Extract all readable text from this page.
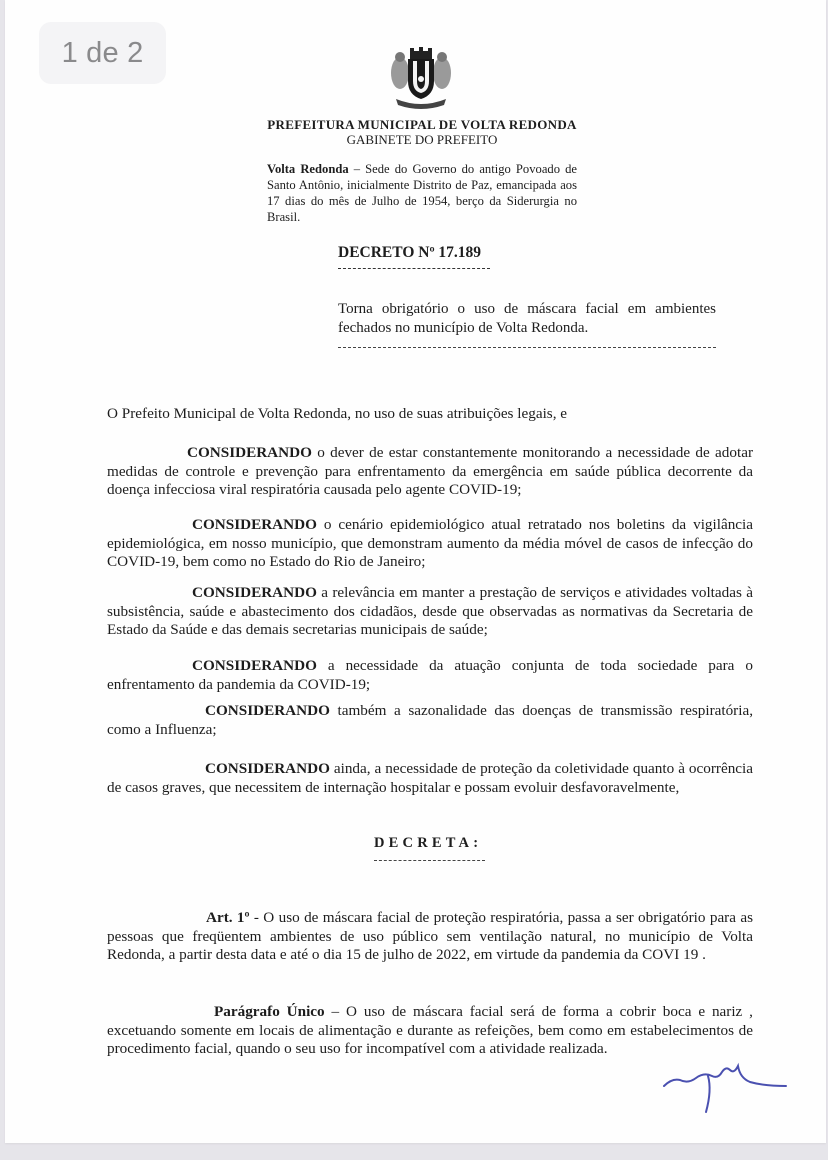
1 de 2
PREFEITURA MUNICIPAL DE VOLTA REDONDA
GABINETE DO PREFEITO
Volta Redonda – Sede do Governo do antigo Povoado de Santo Antônio, inicialmente Distrito de Paz, emancipada aos 17 dias do mês de Julho de 1954, berço da Siderurgia no Brasil.
DECRETO Nº 17.189
Torna obrigatório o uso de máscara facial em ambientes fechados no município de Volta Redonda.
O Prefeito Municipal de Volta Redonda, no uso de suas atribuições legais, e
CONSIDERANDO o dever de estar constantemente monitorando a necessidade de adotar medidas de controle e prevenção para enfrentamento da emergência em saúde pública decorrente da doença infecciosa viral respiratória causada pelo agente COVID-19;
CONSIDERANDO o cenário epidemiológico atual retratado nos boletins da vigilância epidemiológica, em nosso município, que demonstram aumento da média móvel de casos de infecção do COVID-19, bem como no Estado do Rio de Janeiro;
CONSIDERANDO a relevância em manter a prestação de serviços e atividades voltadas à subsistência, saúde e abastecimento dos cidadãos, desde que observadas as normativas da Secretaria de Estado da Saúde e das demais secretarias municipais de saúde;
CONSIDERANDO a necessidade da atuação conjunta de toda sociedade para o enfrentamento da pandemia da COVID-19;
CONSIDERANDO também a sazonalidade das doenças de transmissão respiratória, como a Influenza;
CONSIDERANDO ainda, a necessidade de proteção da coletividade quanto à ocorrência de casos graves, que necessitem de internação hospitalar e possam evoluir desfavoravelmente,
DECRETA:
Art. 1º - O uso de máscara facial de proteção respiratória, passa a ser obrigatório para as pessoas que freqüentem ambientes de uso público sem ventilação natural, no município de Volta Redonda, a partir desta data e até o dia 15 de julho de 2022, em virtude da pandemia da COVI 19 .
Parágrafo Único – O uso de máscara facial será de forma a cobrir boca e nariz , excetuando somente em locais de alimentação e durante as refeições, bem como em estabelecimentos de procedimento facial, quando o seu uso for incompatível com a atividade realizada.
